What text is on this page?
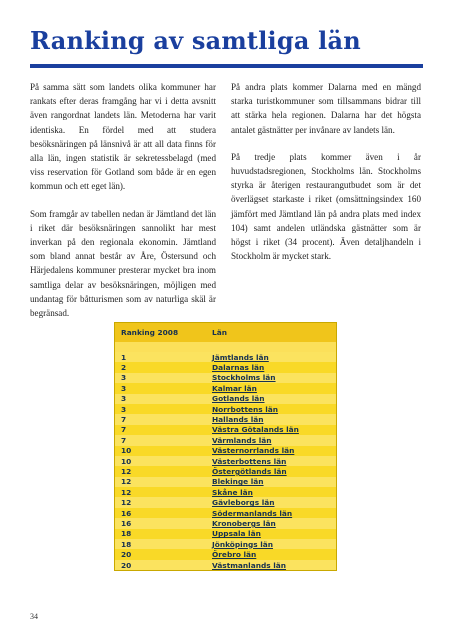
Ranking av samtliga län

På samma sätt som landets olika kommuner har rankats efter deras framgång har vi i detta avsnitt även rangordnat landets län. Metoderna har varit identiska. En fördel med att studera besöksnäringen på länsnivå är att all data finns för alla län, ingen statistik är sekretessbelagd (med viss reservation för Gotland som både är en egen kommun och ett eget län).

Som framgår av tabellen nedan är Jämtland det län i riket där besöksnäringen sannolikt har mest inverkan på den regionala ekonomin. Jämtland som bland annat består av Åre, Östersund och Härjedalens kommuner presterar mycket bra inom samtliga delar av besöksnäringen, möjligen med undantag för båtturismen som av naturliga skäl är begränsad.

På andra plats kommer Dalarna med en mängd starka turistkommuner som tillsammans bidrar till att stärka hela regionen. Dalarna har det högsta antalet gästnätter per invånare av landets län.

På tredje plats kommer även i år huvudstadsregionen, Stockholms län. Stockholms styrka är återigen restaurangutbudet som är det överlägset starkaste i riket (omsättningsindex 160 jämfört med Jämtland län på andra plats med index 104) samt andelen utländska gästnätter som är högst i riket (34 procent). Även detaljhandeln i Stockholm är mycket stark.

Ranking 2008	Län
1	Jämtlands län
2	Dalarnas län
3	Stockholms län
3	Kalmar län
3	Gotlands län
3	Norrbottens län
7	Hallands län
7	Västra Götalands län
7	Värmlands län
10	Västernorrlands län
10	Västerbottens län
12	Östergötlands län
12	Blekinge län
12	Skåne län
12	Gävleborgs län
16	Södermanlands län
16	Kronobergs län
18	Uppsala län
18	Jönköpings län
20	Örebro län
20	Västmanlands län
34
